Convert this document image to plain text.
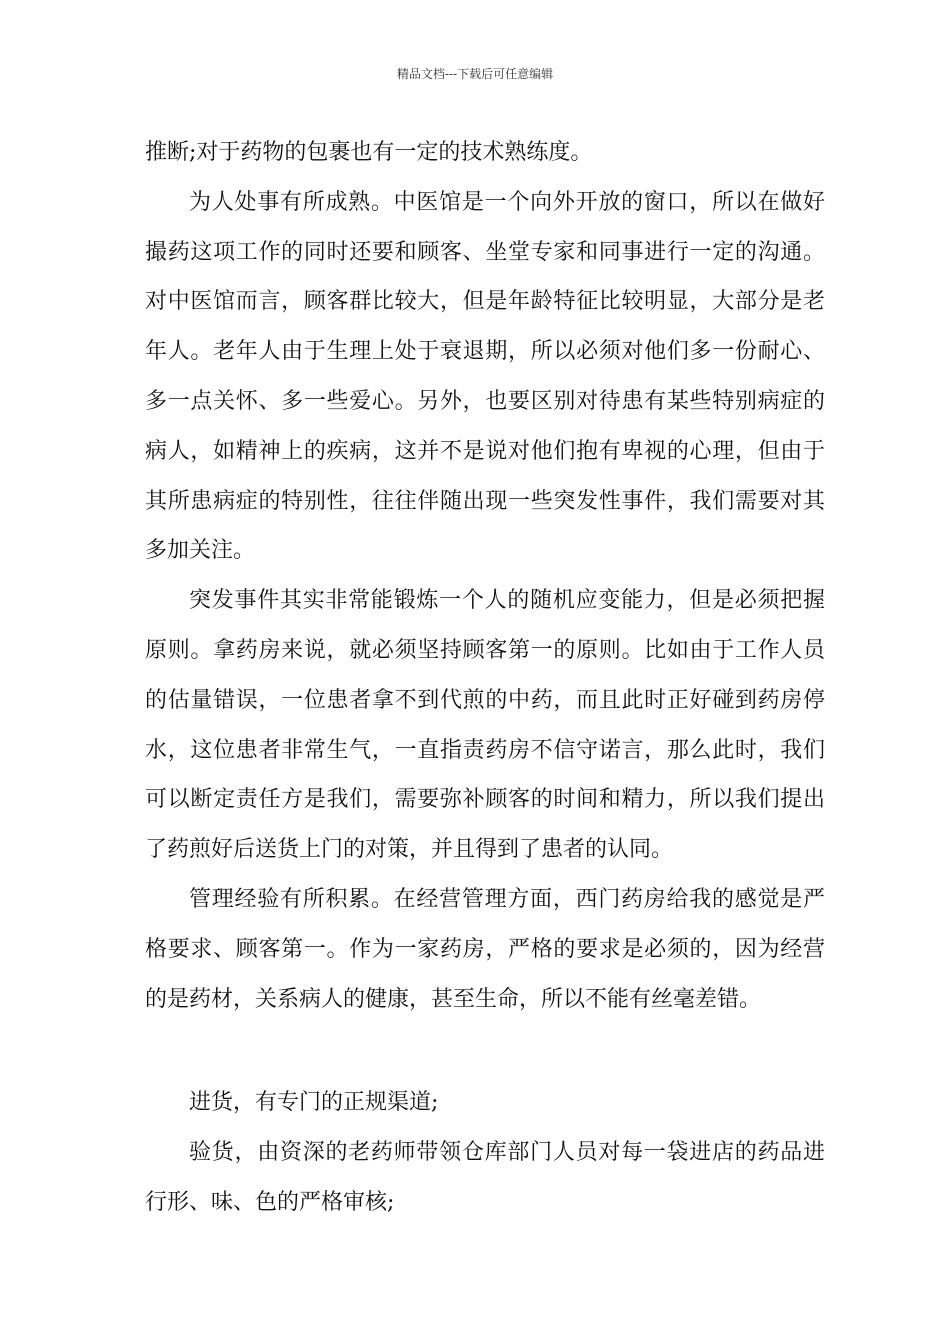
精品文档---下载后可任意编辑

推断;对于药物的包裹也有一定的技术熟练度。

为人处事有所成熟。中医馆是一个向外开放的窗口，所以在做好撮药这项工作的同时还要和顾客、坐堂专家和同事进行一定的沟通。对中医馆而言，顾客群比较大，但是年龄特征比较明显，大部分是老年人。老年人由于生理上处于衰退期，所以必须对他们多一份耐心、多一点关怀、多一些爱心。另外，也要区别对待患有某些特别病症的病人，如精神上的疾病，这并不是说对他们抱有卑视的心理，但由于其所患病症的特别性，往往伴随出现一些突发性事件，我们需要对其多加关注。

突发事件其实非常能锻炼一个人的随机应变能力，但是必须把握原则。拿药房来说，就必须坚持顾客第一的原则。比如由于工作人员的估量错误，一位患者拿不到代煎的中药，而且此时正好碰到药房停水，这位患者非常生气，一直指责药房不信守诺言，那么此时，我们可以断定责任方是我们，需要弥补顾客的时间和精力，所以我们提出了药煎好后送货上门的对策，并且得到了患者的认同。

管理经验有所积累。在经营管理方面，西门药房给我的感觉是严格要求、顾客第一。作为一家药房，严格的要求是必须的，因为经营的是药材，关系病人的健康，甚至生命，所以不能有丝毫差错。

进货，有专门的正规渠道;

验货，由资深的老药师带领仓库部门人员对每一袋进店的药品进行形、味、色的严格审核;
